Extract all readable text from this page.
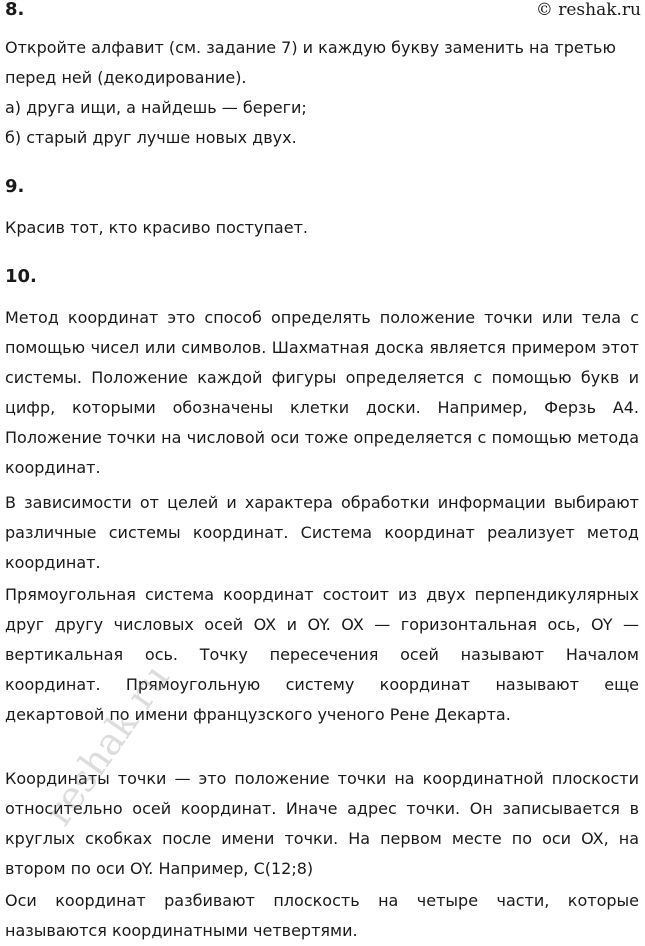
8.	© reshak.ru

Откройте алфавит (см. задание 7) и каждую букву заменить на третью перед ней (декодирование).

а) друга ищи, а найдешь — береги;

б) старый друг лучше новых двух.

9.

Красив тот, кто красиво поступает.

10.

Метод координат это способ определять положение точки или тела с помощью чисел или символов. Шахматная доска является примером этот системы. Положение каждой фигуры определяется с помощью букв и цифр, которыми обозначены клетки доски. Например, Ферзь А4. Положение точки на числовой оси тоже определяется с помощью метода координат.

В зависимости от целей и характера обработки информации выбирают различные системы координат. Система координат реализует метод координат.

Прямоугольная система координат состоит из двух перпендикулярных друг другу числовых осей OX и OY. OX — горизонтальная ось, OY — вертикальная ось. Точку пересечения осей называют Началом координат. Прямоугольную систему координат называют еще декартовой по имени французского ученого Рене Декарта.

Координаты точки — это положение точки на координатной плоскости относительно осей координат. Иначе адрес точки. Он записывается в круглых скобках после имени точки. На первом месте по оси OX, на втором по оси OY. Например, С(12;8)

Оси координат разбивают плоскость на четыре части, которые называются координатными четвертями.

reshak.ru
